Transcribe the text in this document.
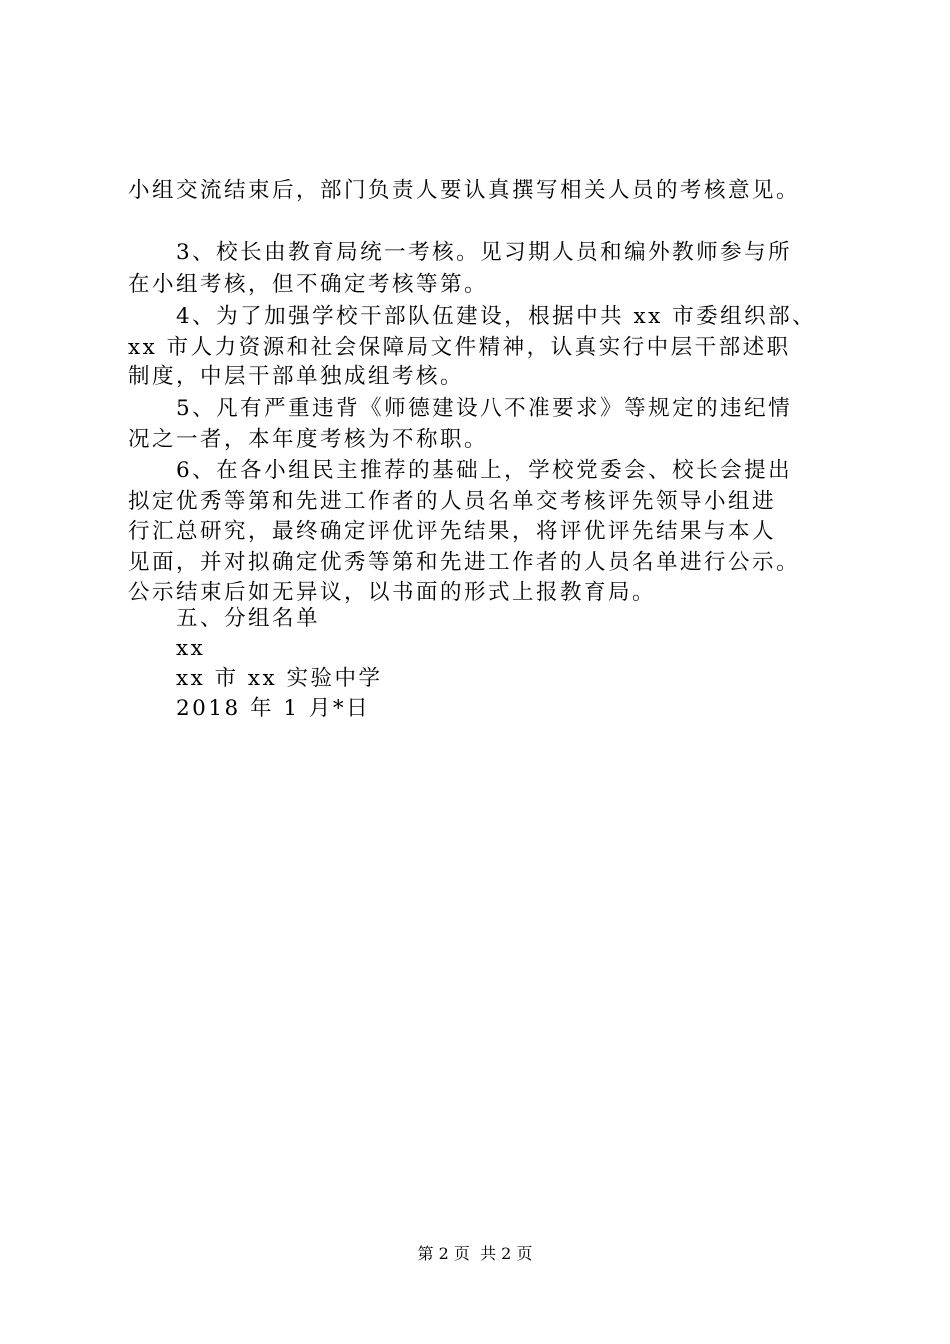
小组交流结束后，部门负责人要认真撰写相关人员的考核意见。
3、校长由教育局统一考核。见习期人员和编外教师参与所
在小组考核，但不确定考核等第。
4、为了加强学校干部队伍建设，根据中共 xx 市委组织部、
xx 市人力资源和社会保障局文件精神，认真实行中层干部述职
制度，中层干部单独成组考核。
5、凡有严重违背《师德建设八不准要求》等规定的违纪情
况之一者，本年度考核为不称职。
6、在各小组民主推荐的基础上，学校党委会、校长会提出
拟定优秀等第和先进工作者的人员名单交考核评先领导小组进
行汇总研究，最终确定评优评先结果，将评优评先结果与本人
见面，并对拟确定优秀等第和先进工作者的人员名单进行公示。
公示结束后如无异议，以书面的形式上报教育局。
五、分组名单
xx
xx 市 xx 实验中学
2018 年 1 月*日
第 2 页  共 2 页
